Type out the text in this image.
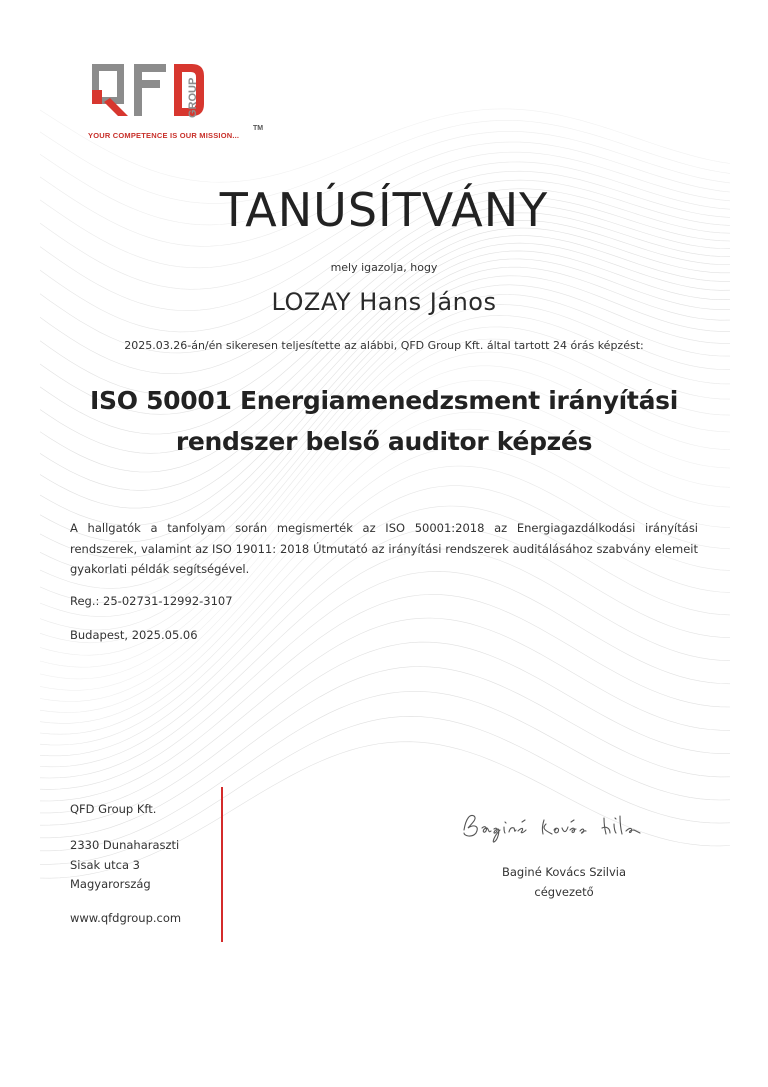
GROUP
YOUR COMPETENCE IS OUR MISSION...
TM
TANÚSÍTVÁNY
mely igazolja, hogy
LOZAY Hans János
2025.03.26-án/én sikeresen teljesítette az alábbi, QFD Group Kft. által tartott 24 órás képzést:
ISO 50001 Energiamenedzsment irányítási
rendszer belső auditor képzés
A hallgatók a tanfolyam során megismerték az ISO 50001:2018 az Energiagazdálkodási irányítási rendszerek, valamint az ISO 19011: 2018 Útmutató az irányítási rendszerek auditálásához szabvány elemeit gyakorlati példák segítségével.
Reg.: 25-02731-12992-3107
Budapest, 2025.05.06
QFD Group Kft.
2330 Dunaharaszti
Sisak utca 3
Magyarország
www.qfdgroup.com
Baginé Kovács Szilvia
cégvezető
